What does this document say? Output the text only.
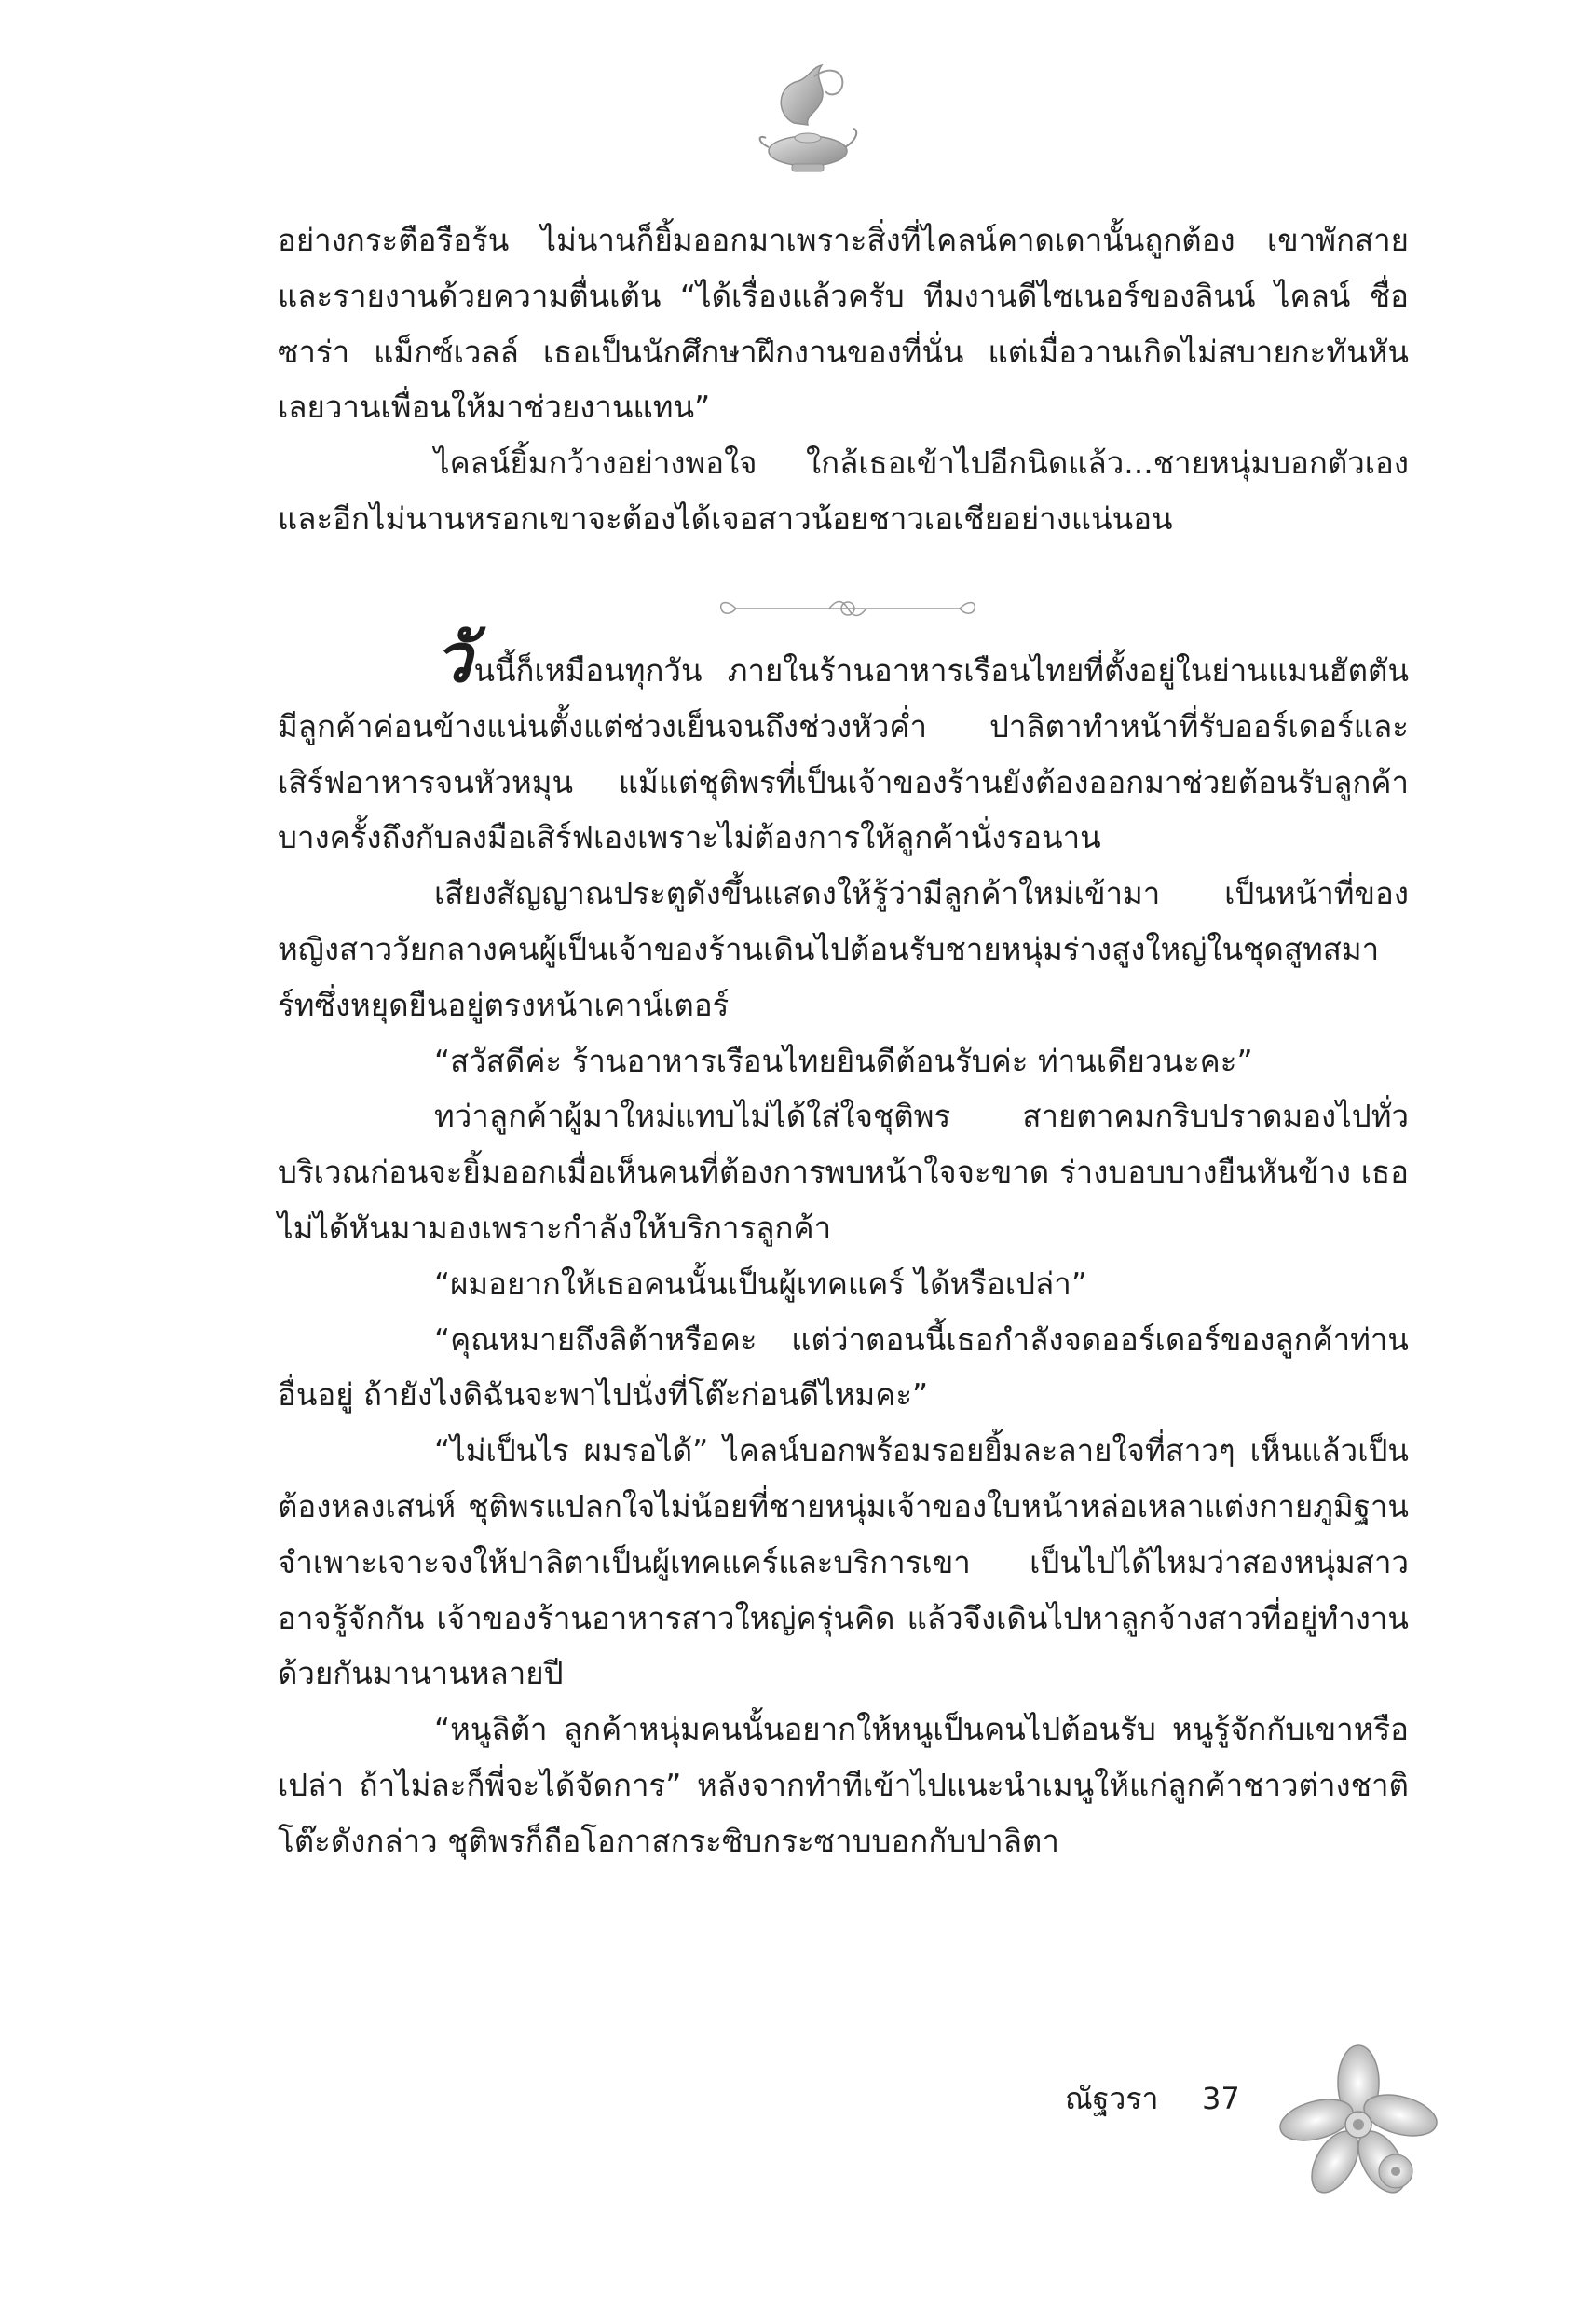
อย่างกระตือรือร้น ไม่นานก็ยิ้มออกมาเพราะสิ่งที่ไคลน์คาดเดานั้นถูกต้อง เขาพักสายและรายงานด้วยความตื่นเต้น “ได้เรื่องแล้วครับ ทีมงานดีไซเนอร์ของลินน์ ไคลน์ ชื่อซาร่า แม็กซ์เวลล์ เธอเป็นนักศึกษาฝึกงานของที่นั่น แต่เมื่อวานเกิดไม่สบายกะทันหันเลยวานเพื่อนให้มาช่วยงานแทน”

ไคลน์ยิ้มกว้างอย่างพอใจ ใกล้เธอเข้าไปอีกนิดแล้ว...ชายหนุ่มบอกตัวเอง และอีกไม่นานหรอกเขาจะต้องได้เจอสาวน้อยชาวเอเชียอย่างแน่นอน

วันนี้ก็เหมือนทุกวัน ภายในร้านอาหารเรือนไทยที่ตั้งอยู่ในย่านแมนฮัตตันมีลูกค้าค่อนข้างแน่นตั้งแต่ช่วงเย็นจนถึงช่วงหัวค่ำ ปาลิตาทำหน้าที่รับออร์เดอร์และเสิร์ฟอาหารจนหัวหมุน แม้แต่ชุติพรที่เป็นเจ้าของร้านยังต้องออกมาช่วยต้อนรับลูกค้า บางครั้งถึงกับลงมือเสิร์ฟเองเพราะไม่ต้องการให้ลูกค้านั่งรอนาน

เสียงสัญญาณประตูดังขึ้นแสดงให้รู้ว่ามีลูกค้าใหม่เข้ามา เป็นหน้าที่ของหญิงสาววัยกลางคนผู้เป็นเจ้าของร้านเดินไปต้อนรับชายหนุ่มร่างสูงใหญ่ในชุดสูทสมาร์ทซึ่งหยุดยืนอยู่ตรงหน้าเคาน์เตอร์

“สวัสดีค่ะ ร้านอาหารเรือนไทยยินดีต้อนรับค่ะ ท่านเดียวนะคะ”

ทว่าลูกค้าผู้มาใหม่แทบไม่ได้ใส่ใจชุติพร สายตาคมกริบปราดมองไปทั่วบริเวณก่อนจะยิ้มออกเมื่อเห็นคนที่ต้องการพบหน้าใจจะขาด ร่างบอบบางยืนหันข้าง เธอไม่ได้หันมามองเพราะกำลังให้บริการลูกค้า

“ผมอยากให้เธอคนนั้นเป็นผู้เทคแคร์ ได้หรือเปล่า”

“คุณหมายถึงลิต้าหรือคะ แต่ว่าตอนนี้เธอกำลังจดออร์เดอร์ของลูกค้าท่านอื่นอยู่ ถ้ายังไงดิฉันจะพาไปนั่งที่โต๊ะก่อนดีไหมคะ”

“ไม่เป็นไร ผมรอได้” ไคลน์บอกพร้อมรอยยิ้มละลายใจที่สาวๆ เห็นแล้วเป็นต้องหลงเสน่ห์ ชุติพรแปลกใจไม่น้อยที่ชายหนุ่มเจ้าของใบหน้าหล่อเหลาแต่งกายภูมิฐานจำเพาะเจาะจงให้ปาลิตาเป็นผู้เทคแคร์และบริการเขา เป็นไปได้ไหมว่าสองหนุ่มสาวอาจรู้จักกัน เจ้าของร้านอาหารสาวใหญ่ครุ่นคิด แล้วจึงเดินไปหาลูกจ้างสาวที่อยู่ทำงานด้วยกันมานานหลายปี

“หนูลิต้า ลูกค้าหนุ่มคนนั้นอยากให้หนูเป็นคนไปต้อนรับ หนูรู้จักกับเขาหรือเปล่า ถ้าไม่ละก็พี่จะได้จัดการ” หลังจากทำทีเข้าไปแนะนำเมนูให้แก่ลูกค้าชาวต่างชาติโต๊ะดังกล่าว ชุติพรก็ถือโอกาสกระซิบกระซาบบอกกับปาลิตา

ณัฐวรา 37
